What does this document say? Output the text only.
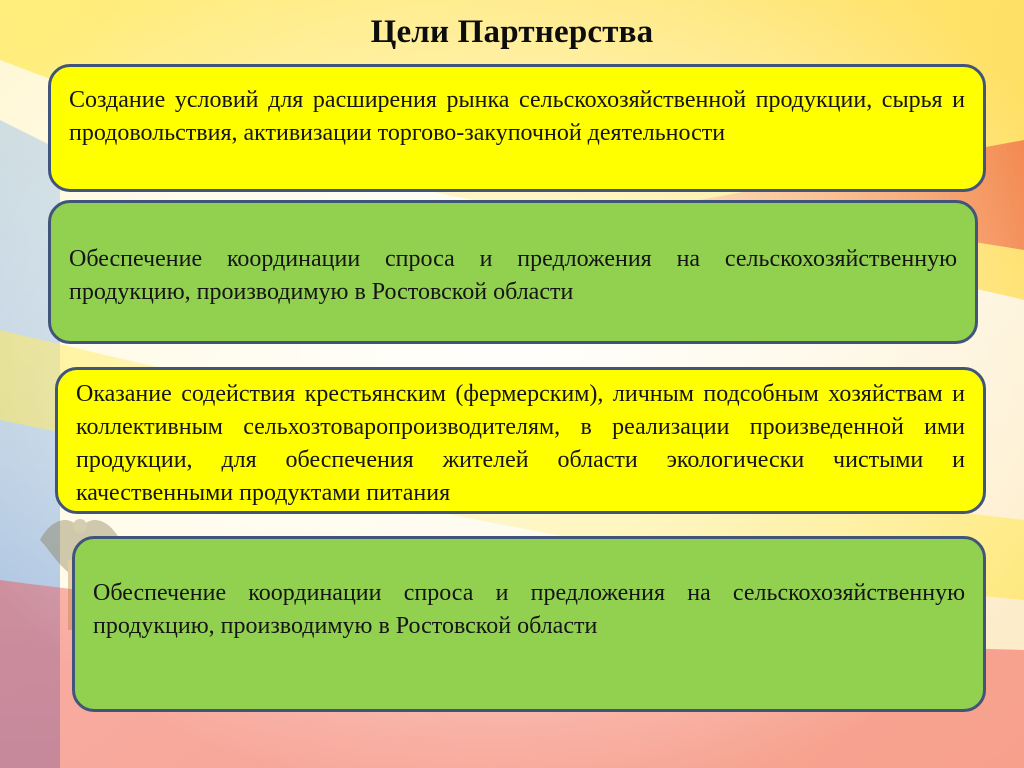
Цели Партнерства
Создание условий для расширения рынка сельскохозяйственной продукции, сырья и продовольствия, активизации торгово-закупочной деятельности
Обеспечение координации спроса и предложения на сельскохозяйственную продукцию, производимую в Ростовской области
Оказание содействия крестьянским (фермерским), личным подсобным хозяйствам и коллективным сельхозтоваропроизводителям, в реализации произведенной ими продукции, для обеспечения жителей области экологически чистыми и качественными продуктами питания
Обеспечение координации спроса и предложения на сельскохозяйственную продукцию, производимую в Ростовской области
